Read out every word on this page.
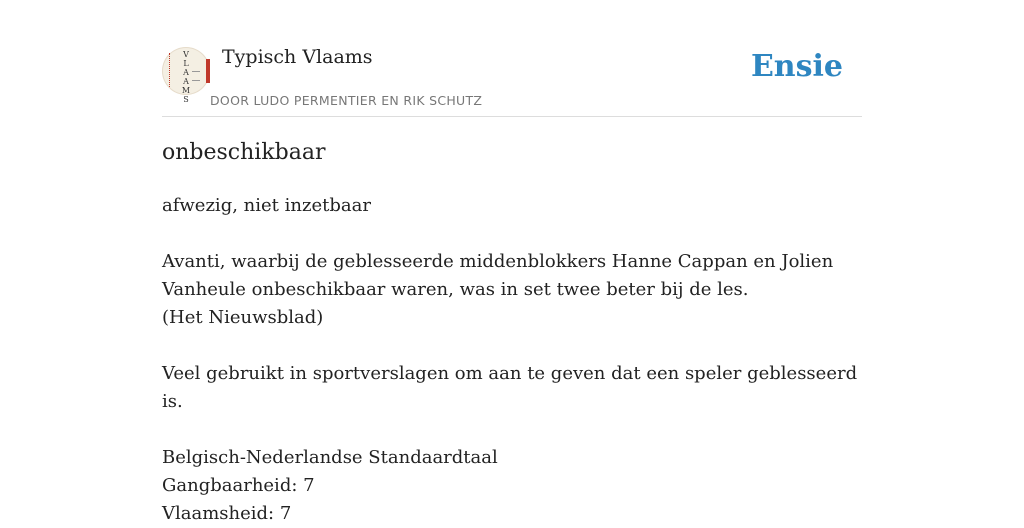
V
L
A
A
M
S
Typisch Vlaams
DOOR LUDO PERMENTIER EN RIK SCHUTZ
Ensie
onbeschikbaar

afwezig, niet inzetbaar

Avanti, waarbij de geblesseerde middenblokkers Hanne Cappan en Jolien
Vanheule onbeschikbaar waren, was in set twee beter bij de les.
(Het Nieuwsblad)

Veel gebruikt in sportverslagen om aan te geven dat een speler geblesseerd is.

Belgisch-Nederlandse Standaardtaal
Gangbaarheid: 7
Vlaamsheid: 7
